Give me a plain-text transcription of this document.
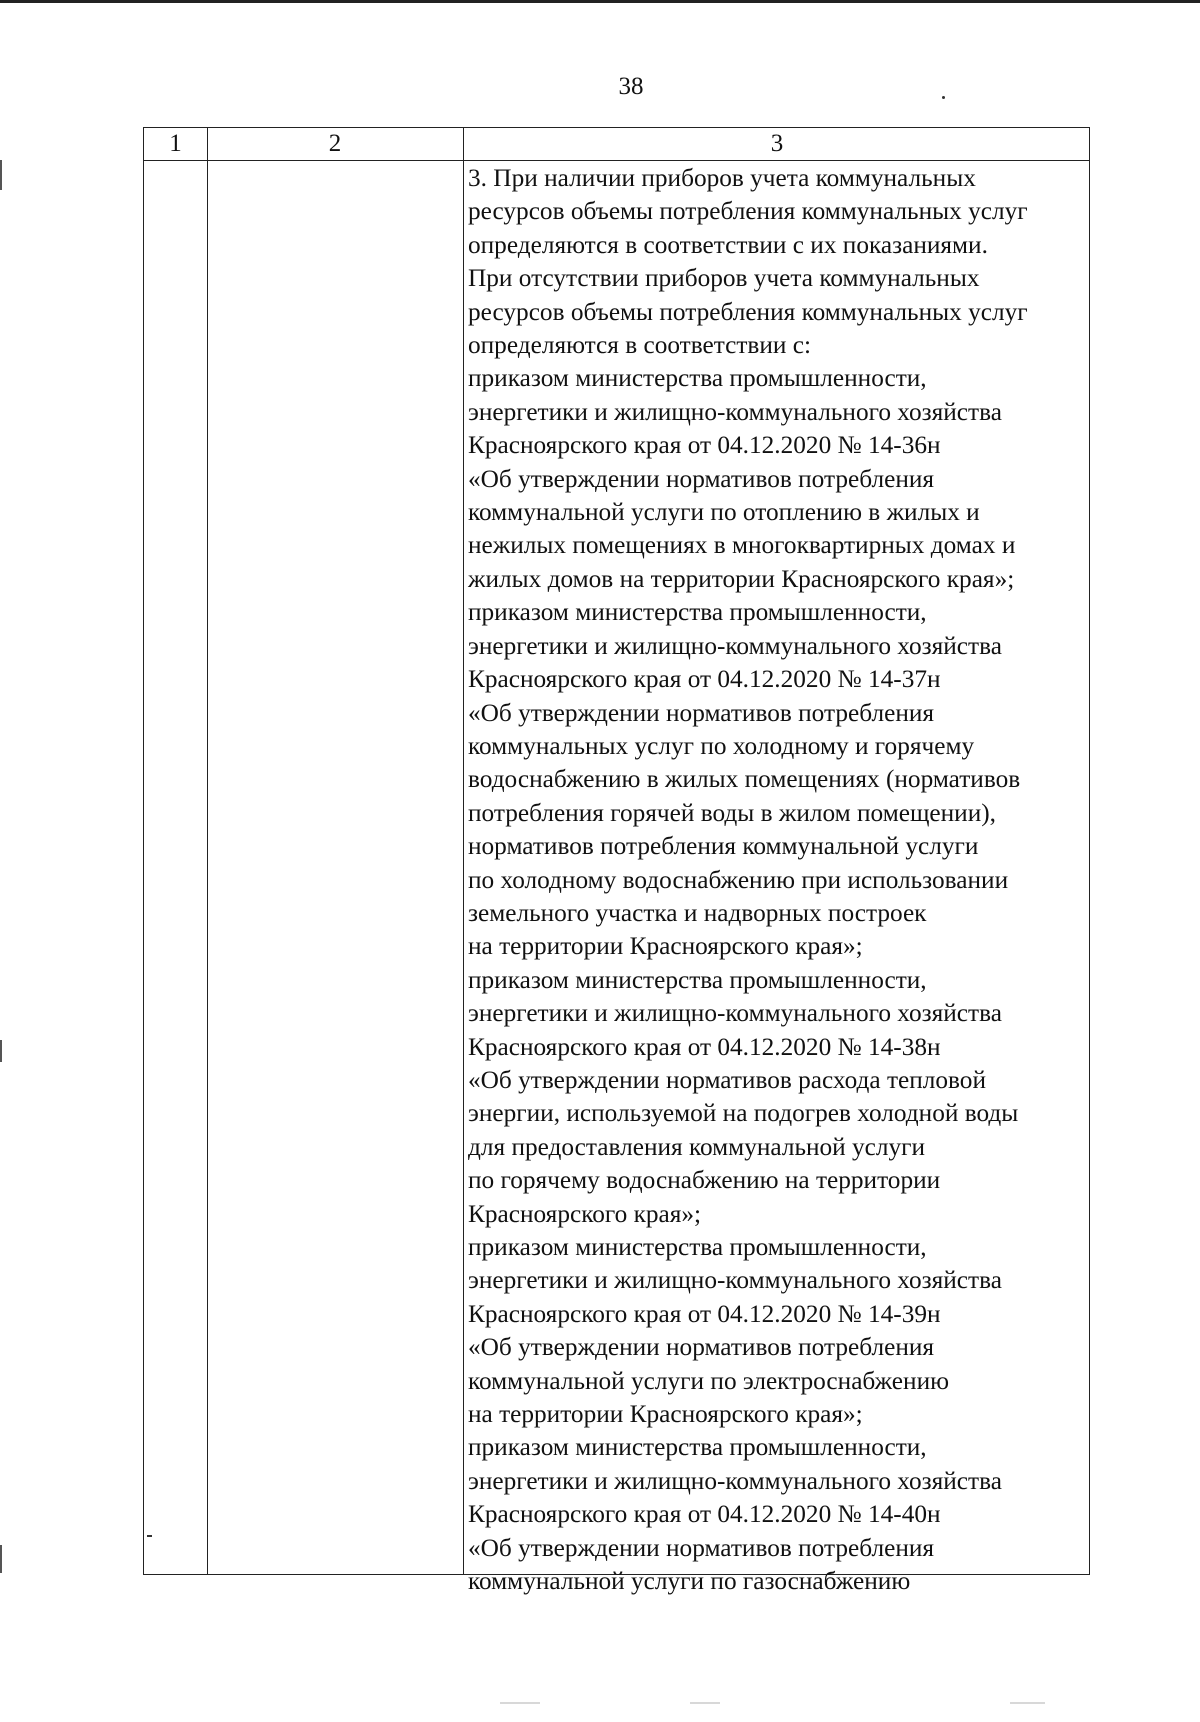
38
1	2	3
3. При наличии приборов учета коммунальных
ресурсов объемы потребления коммунальных услуг
определяются в соответствии с их показаниями.
При отсутствии приборов учета коммунальных
ресурсов объемы потребления коммунальных услуг
определяются в соответствии с:
приказом министерства промышленности,
энергетики и жилищно-коммунального хозяйства
Красноярского края от 04.12.2020 № 14-36н
«Об утверждении нормативов потребления
коммунальной услуги по отоплению в жилых и
нежилых помещениях в многоквартирных домах и
жилых домов на территории Красноярского края»;
приказом министерства промышленности,
энергетики и жилищно-коммунального хозяйства
Красноярского края от 04.12.2020 № 14-37н
«Об утверждении нормативов потребления
коммунальных услуг по холодному и горячему
водоснабжению в жилых помещениях (нормативов
потребления горячей воды в жилом помещении),
нормативов потребления коммунальной услуги
по холодному водоснабжению при использовании
земельного участка и надворных построек
на территории Красноярского края»;
приказом министерства промышленности,
энергетики и жилищно-коммунального хозяйства
Красноярского края от 04.12.2020 № 14-38н
«Об утверждении нормативов расхода тепловой
энергии, используемой на подогрев холодной воды
для предоставления коммунальной услуги
по горячему водоснабжению на территории
Красноярского края»;
приказом министерства промышленности,
энергетики и жилищно-коммунального хозяйства
Красноярского края от 04.12.2020 № 14-39н
«Об утверждении нормативов потребления
коммунальной услуги по электроснабжению
на территории Красноярского края»;
приказом министерства промышленности,
энергетики и жилищно-коммунального хозяйства
Красноярского края от 04.12.2020 № 14-40н
«Об утверждении нормативов потребления
коммунальной услуги по газоснабжению
